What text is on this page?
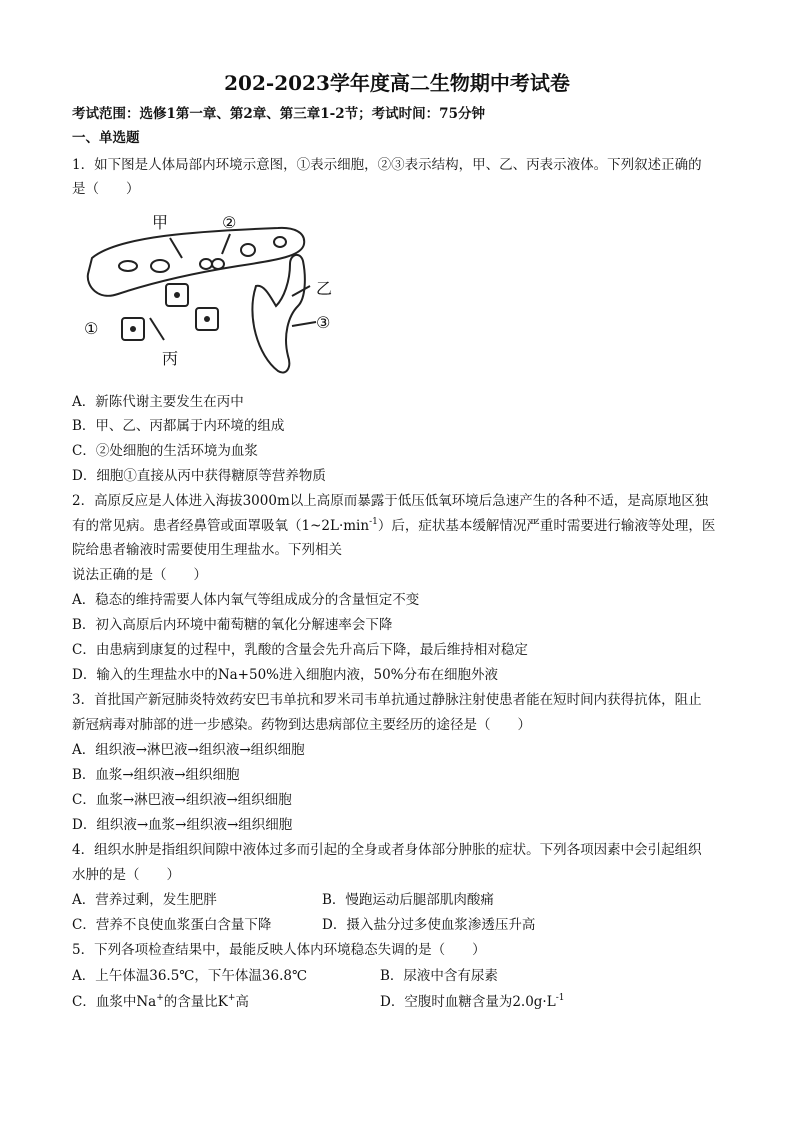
202-2023学年度高二生物期中考试卷
考试范围：选修1第一章、第2章、第三章1-2节；考试时间：75分钟
一、单选题
1．如下图是人体局部内环境示意图，①表示细胞，②③表示结构，甲、乙、丙表示液体。下列叙述正确的
是（　　）
甲	②
乙
③
①
丙
A．新陈代谢主要发生在丙中
B．甲、乙、丙都属于内环境的组成
C．②处细胞的生活环境为血浆
D．细胞①直接从丙中获得糖原等营养物质
2．高原反应是人体进入海拔3000m以上高原而暴露于低压低氧环境后急速产生的各种不适，是高原地区独
有的常见病。患者经鼻管或面罩吸氧$(1\sim 2L\cdot\min^{-1})$后，症状基本缓解情况严重时需要进行输液等处理，医
院给患者输液时需要使用生理盐水。下列相关
说法正确的是（　　）
A．稳态的维持需要人体内氧气等组成成分的含量恒定不变
B．初入高原后内环境中葡萄糖的氧化分解速率会下降
C．由患病到康复的过程中，乳酸的含量会先升高后下降，最后维持相对稳定
D．输入的生理盐水中的Na+50%进入细胞内液，50%分布在细胞外液
3．首批国产新冠肺炎特效药安巴韦单抗和罗米司韦单抗通过静脉注射使患者能在短时间内获得抗体，阻止
新冠病毒对肺部的进一步感染。药物到达患病部位主要经历的途径是（　　）
A．组织液→淋巴液→组织液→组织细胞
B．血浆→组织液→组织细胞
C．血浆→淋巴液→组织液→组织细胞
D．组织液→血浆→组织液→组织细胞
4．组织水肿是指组织间隙中液体过多而引起的全身或者身体部分肿胀的症状。下列各项因素中会引起组织
水肿的是（　　）
A．营养过剩，发生肥胖	B．慢跑运动后腿部肌肉酸痛
C．营养不良使血浆蛋白含量下降	D．摄入盐分过多使血浆渗透压升高
5．下列各项检查结果中，最能反映人体内环境稳态失调的是（　　）
A．上午体温36.5℃，下午体温36.8℃	B．尿液中含有尿素
C．血浆中Na+的含量比K+高	D．空腹时血糖含量为$2.0g\cdot L^{-1}$
